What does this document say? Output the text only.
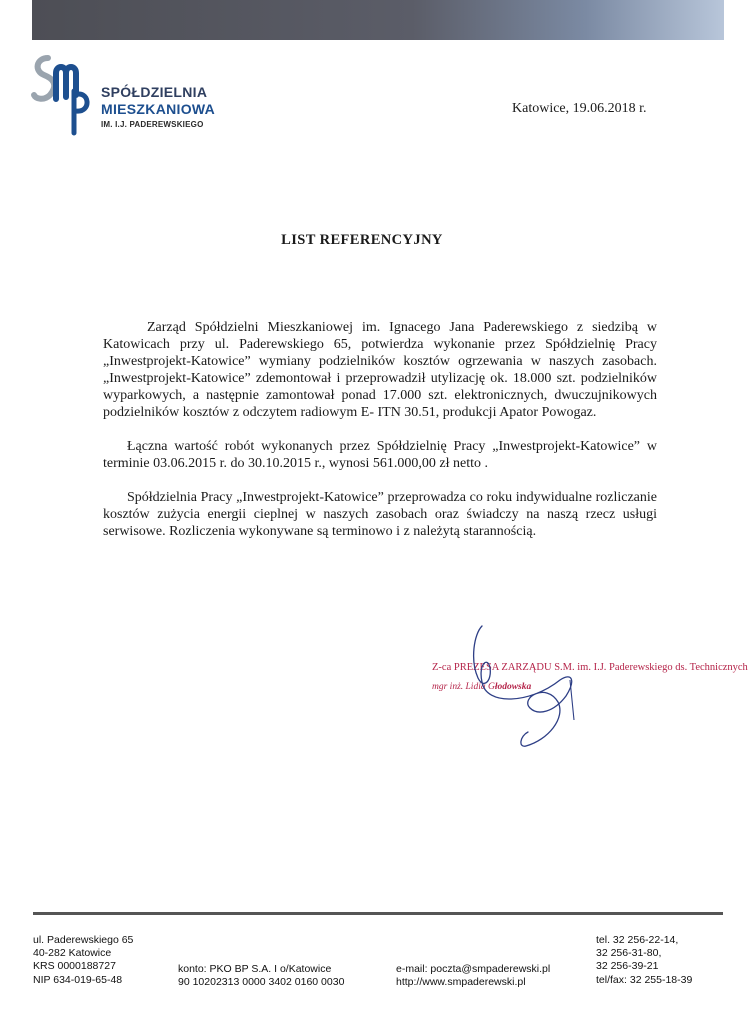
SPÓŁDZIELNIA
MIESZKANIOWA
IM. I.J. PADEREWSKIEGO
Katowice, 19.06.2018 r.
LIST REFERENCYJNY

Zarząd Spółdzielni Mieszkaniowej im. Ignacego Jana Paderewskiego z siedzibą w Katowicach przy ul. Paderewskiego 65, potwierdza wykonanie przez Spółdzielnię Pracy „Inwestprojekt-Katowice” wymiany podzielników kosztów ogrzewania w naszych zasobach. „Inwestprojekt-Katowice” zdemontował i przeprowadził utylizację ok. 18.000 szt. podzielników wyparkowych, a następnie zamontował ponad 17.000 szt. elektronicznych, dwuczujnikowych podzielników kosztów z odczytem radiowym E- ITN 30.51, produkcji Apator Powogaz.

Łączna wartość robót wykonanych przez Spółdzielnię Pracy „Inwestprojekt-Katowice” w terminie 03.06.2015 r. do 30.10.2015 r., wynosi 561.000,00 zł netto .

Spółdzielnia Pracy „Inwestprojekt-Katowice” przeprowadza co roku indywidualne rozliczanie kosztów zużycia energii cieplnej w naszych zasobach oraz świadczy na naszą rzecz usługi serwisowe. Rozliczenia wykonywane są terminowo i z należytą starannością.

Z-ca PREZESA ZARZĄDU S.M. im. I.J. Paderewskiego ds. Technicznych
mgr inż. Lidia Głodowska
ul. Paderewskiego 65
40-282 Katowice
KRS 0000188727
NIP 634-019-65-48
konto: PKO BP S.A. I o/Katowice
90 10202313 0000 3402 0160 0030
e-mail: poczta@smpaderewski.pl
http://www.smpaderewski.pl
tel. 32 256-22-14,
32 256-31-80,
32 256-39-21
tel/fax: 32 255-18-39
